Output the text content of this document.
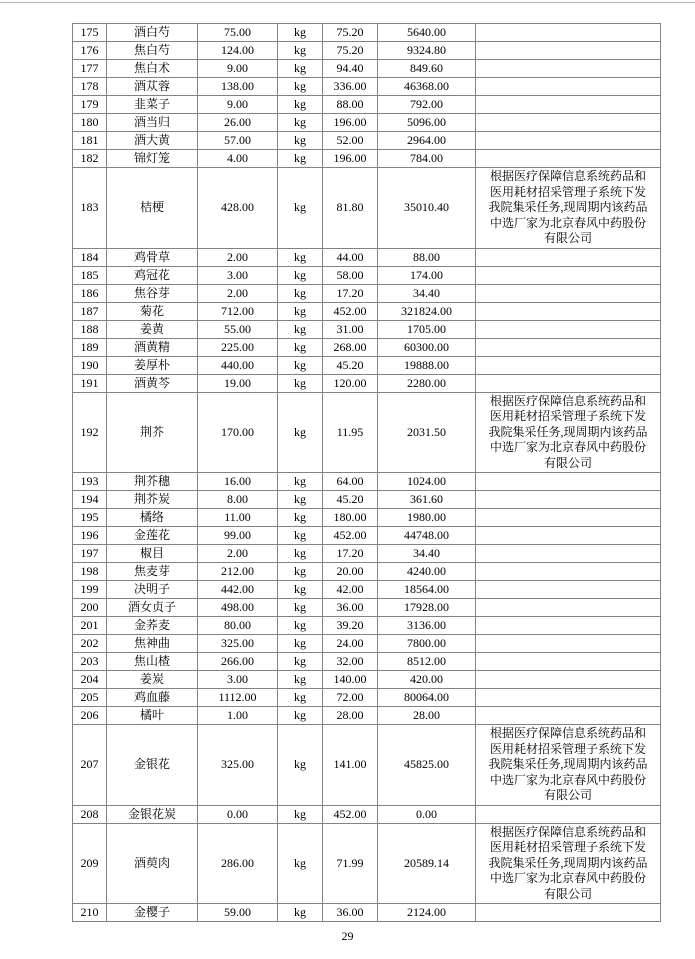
175	酒白芍	75.00	kg	75.20	5640.00	
176	焦白芍	124.00	kg	75.20	9324.80	
177	焦白术	9.00	kg	94.40	849.60	
178	酒苁蓉	138.00	kg	336.00	46368.00	
179	韭菜子	9.00	kg	88.00	792.00	
180	酒当归	26.00	kg	196.00	5096.00	
181	酒大黄	57.00	kg	52.00	2964.00	
182	锦灯笼	4.00	kg	196.00	784.00	
183	桔梗	428.00	kg	81.80	35010.40	根据医疗保障信息系统药品和医用耗材招采管理子系统下发我院集采任务,现周期内该药品中选厂家为北京春风中药股份有限公司
184	鸡骨草	2.00	kg	44.00	88.00	
185	鸡冠花	3.00	kg	58.00	174.00	
186	焦谷芽	2.00	kg	17.20	34.40	
187	菊花	712.00	kg	452.00	321824.00	
188	姜黄	55.00	kg	31.00	1705.00	
189	酒黄精	225.00	kg	268.00	60300.00	
190	姜厚朴	440.00	kg	45.20	19888.00	
191	酒黄芩	19.00	kg	120.00	2280.00	
192	荆芥	170.00	kg	11.95	2031.50	根据医疗保障信息系统药品和医用耗材招采管理子系统下发我院集采任务,现周期内该药品中选厂家为北京春风中药股份有限公司
193	荆芥穗	16.00	kg	64.00	1024.00	
194	荆芥炭	8.00	kg	45.20	361.60	
195	橘络	11.00	kg	180.00	1980.00	
196	金莲花	99.00	kg	452.00	44748.00	
197	椒目	2.00	kg	17.20	34.40	
198	焦麦芽	212.00	kg	20.00	4240.00	
199	决明子	442.00	kg	42.00	18564.00	
200	酒女贞子	498.00	kg	36.00	17928.00	
201	金荞麦	80.00	kg	39.20	3136.00	
202	焦神曲	325.00	kg	24.00	7800.00	
203	焦山楂	266.00	kg	32.00	8512.00	
204	姜炭	3.00	kg	140.00	420.00	
205	鸡血藤	1112.00	kg	72.00	80064.00	
206	橘叶	1.00	kg	28.00	28.00	
207	金银花	325.00	kg	141.00	45825.00	根据医疗保障信息系统药品和医用耗材招采管理子系统下发我院集采任务,现周期内该药品中选厂家为北京春风中药股份有限公司
208	金银花炭	0.00	kg	452.00	0.00	
209	酒萸肉	286.00	kg	71.99	20589.14	根据医疗保障信息系统药品和医用耗材招采管理子系统下发我院集采任务,现周期内该药品中选厂家为北京春风中药股份有限公司
210	金樱子	59.00	kg	36.00	2124.00	
29
